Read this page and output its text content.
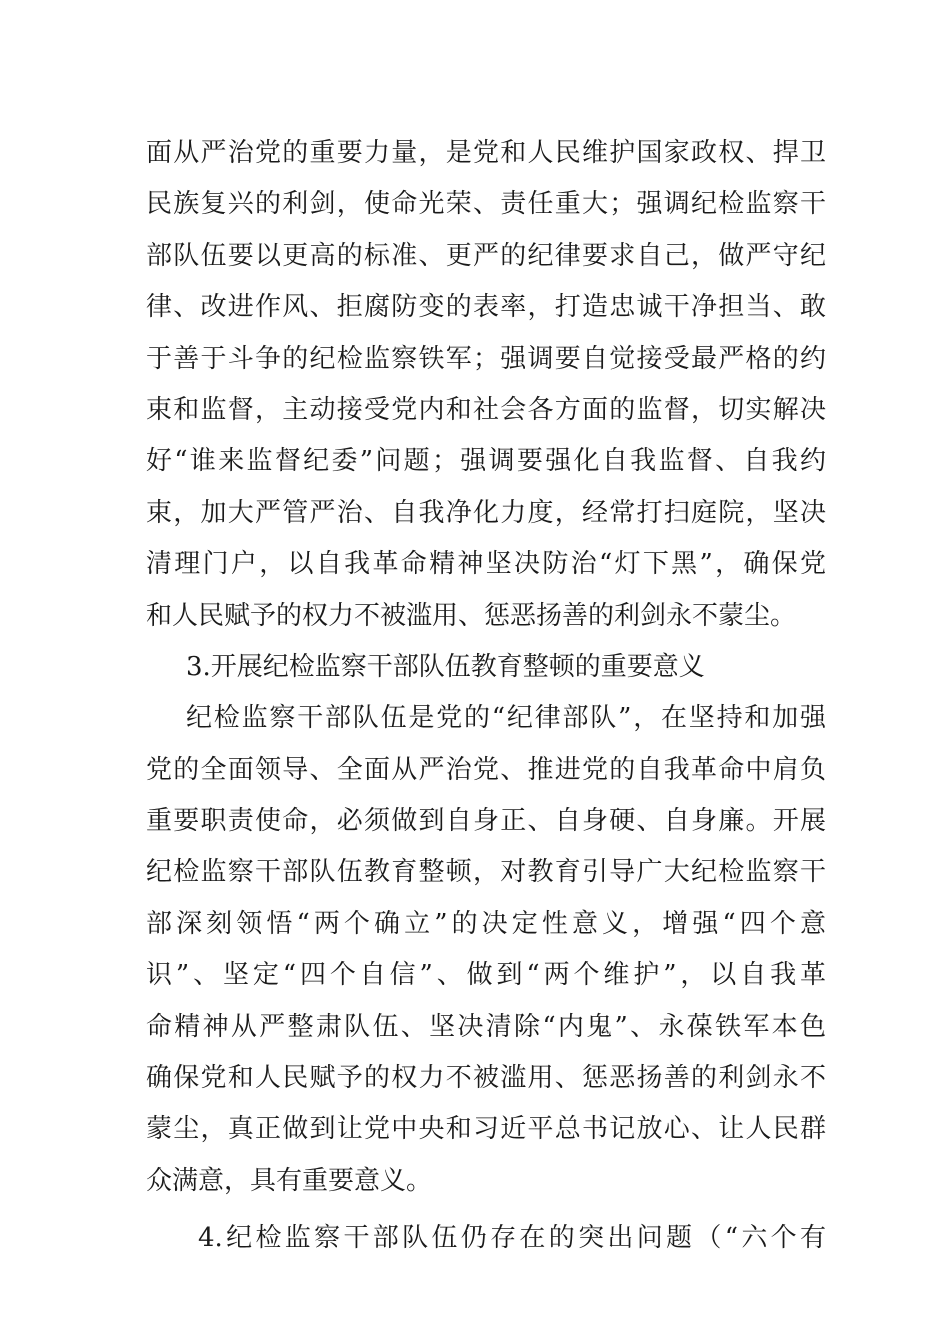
面从严治党的重要力量，是党和人民维护国家政权、捍卫
民族复兴的利剑，使命光荣、责任重大；强调纪检监察干
部队伍要以更高的标准、更严的纪律要求自己，做严守纪
律、改进作风、拒腐防变的表率，打造忠诚干净担当、敢
于善于斗争的纪检监察铁军；强调要自觉接受最严格的约
束和监督，主动接受党内和社会各方面的监督，切实解决
好“谁来监督纪委”问题；强调要强化自我监督、自我约
束，加大严管严治、自我净化力度，经常打扫庭院，坚决
清理门户，以自我革命精神坚决防治“灯下黑”，确保党
和人民赋予的权力不被滥用、惩恶扬善的利剑永不蒙尘。
3.开展纪检监察干部队伍教育整顿的重要意义
纪检监察干部队伍是党的“纪律部队”，在坚持和加强
党的全面领导、全面从严治党、推进党的自我革命中肩负
重要职责使命，必须做到自身正、自身硬、自身廉。开展
纪检监察干部队伍教育整顿，对教育引导广大纪检监察干
部深刻领悟“两个确立”的决定性意义，增强“四个意
识”、坚定“四个自信”、做到“两个维护”，以自我革
命精神从严整肃队伍、坚决清除“内鬼”、永葆铁军本色
确保党和人民赋予的权力不被滥用、惩恶扬善的利剑永不
蒙尘，真正做到让党中央和习近平总书记放心、让人民群
众满意，具有重要意义。
4.纪检监察干部队伍仍存在的突出问题（“六个有
